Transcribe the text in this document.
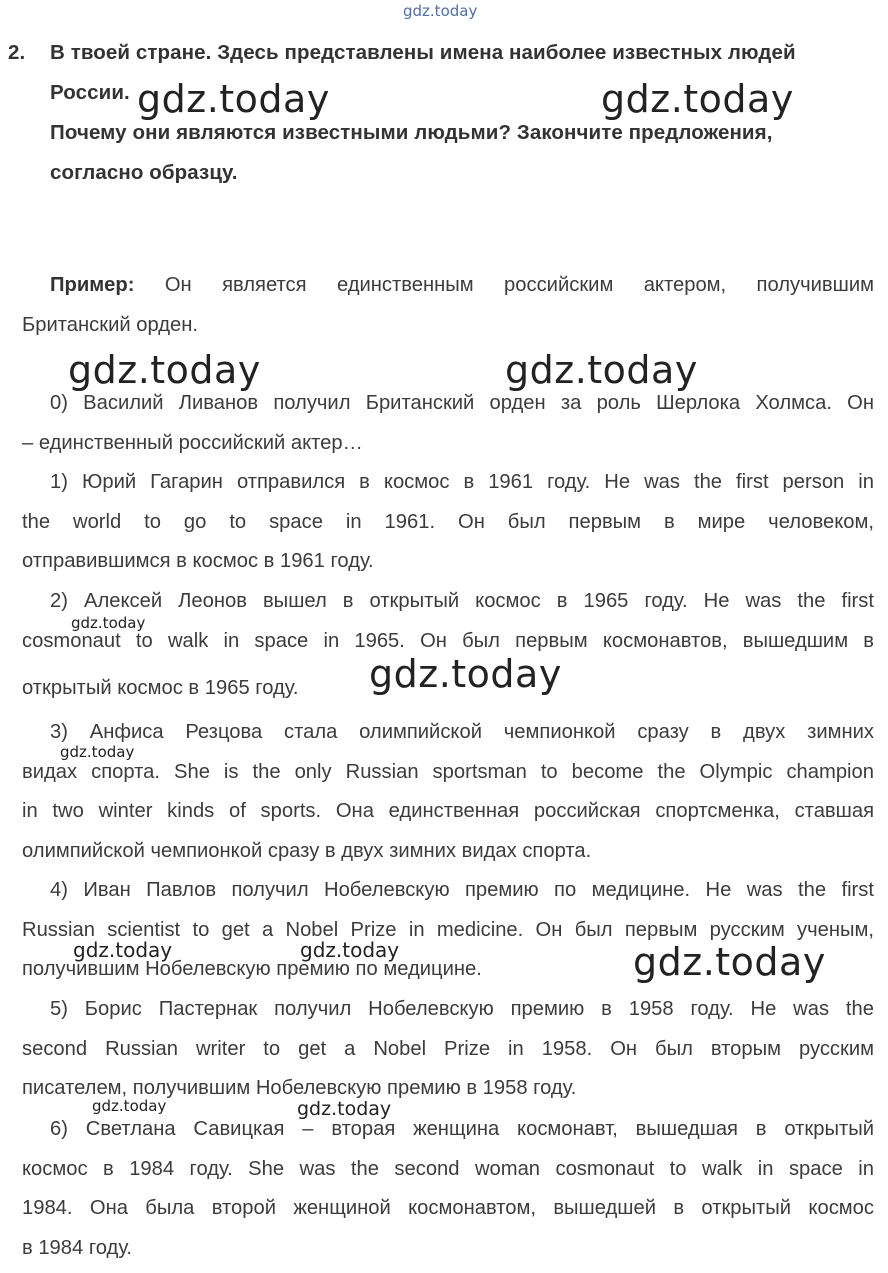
gdz.today
2. В твоей стране. Здесь представлены имена наиболее известных людей
России.
Почему они являются известными людьми? Закончите предложения,
согласно образцу.
Пример: Он является единственным российским актером, получившим
Британский орден.
0) Василий Ливанов получил Британский орден за роль Шерлока Холмса. Он
– единственный российский актер…
1) Юрий Гагарин отправился в космос в 1961 году. He was the first person in
the world to go to space in 1961. Он был первым в мире человеком,
отправившимся в космос в 1961 году.
2) Алексей Леонов вышел в открытый космос в 1965 году. He was the first
cosmonaut to walk in space in 1965. Он был первым космонавтов, вышедшим в
открытый космос в 1965 году.
3) Анфиса Резцова стала олимпийской чемпионкой сразу в двух зимних
видах спорта. She is the only Russian sportsman to become the Olympic champion
in two winter kinds of sports. Она единственная российская спортсменка, ставшая
олимпийской чемпионкой сразу в двух зимних видах спорта.
4) Иван Павлов получил Нобелевскую премию по медицине. He was the first
Russian scientist to get a Nobel Prize in medicine. Он был первым русским ученым,
получившим Нобелевскую премию по медицине.
5) Борис Пастернак получил Нобелевскую премию в 1958 году. He was the
second Russian writer to get a Nobel Prize in 1958. Он был вторым русским
писателем, получившим Нобелевскую премию в 1958 году.
6) Светлана Савицкая – вторая женщина космонавт, вышедшая в открытый
космос в 1984 году. She was the second woman cosmonaut to walk in space in
1984. Она была второй женщиной космонавтом, вышедшей в открытый космос
в 1984 году.
gdz.today	gdz.today
gdz.today	gdz.today
gdz.today
gdz.today
gdz.today
gdz.today
gdz.today	gdz.today
gdz.today	gdz.today
